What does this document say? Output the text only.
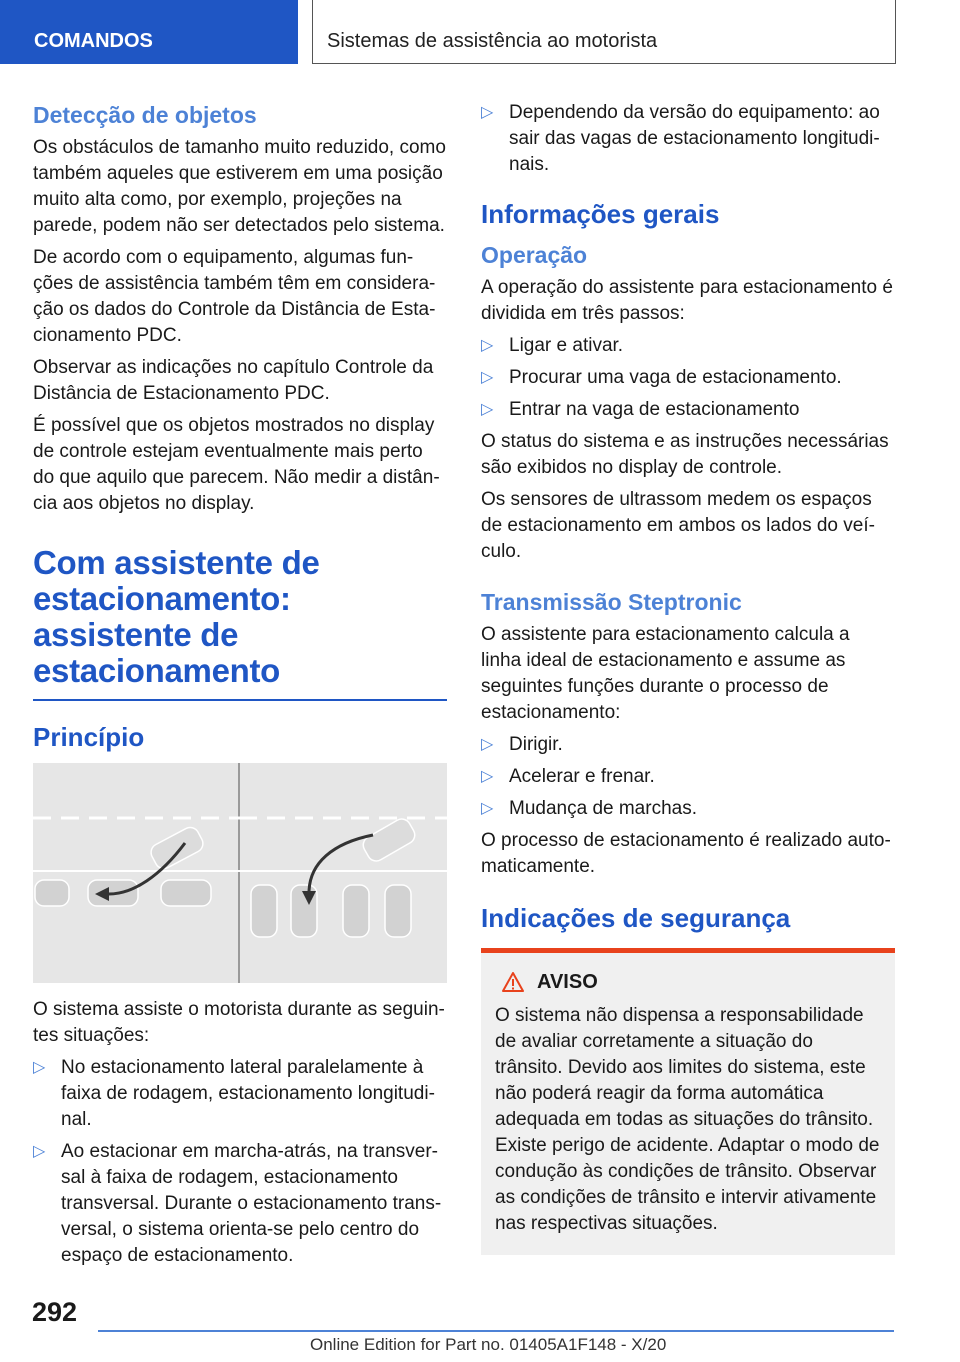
COMANDOS	Sistemas de assistência ao motorista
Detecção de objetos

Os obstáculos de tamanho muito reduzido, como também aqueles que estiverem em uma posição muito alta como, por exemplo, projeções na parede, podem não ser detectados pelo sistema.

De acordo com o equipamento, algumas funções de assistência também têm em consideração os dados do Controle da Distância de Estacionamento PDC.

Observar as indicações no capítulo Controle da Distância de Estacionamento PDC.

É possível que os objetos mostrados no display de controle estejam eventualmente mais perto do que aquilo que parecem. Não medir a distância aos objetos no display.

Com assistente de estacionamento: assistente de estacionamento
Princípio

O sistema assiste o motorista durante as seguintes situações:

▷ No estacionamento lateral paralelamente à faixa de rodagem, estacionamento longitudinal.
▷ Ao estacionar em marcha-atrás, na transversal à faixa de rodagem, estacionamento transversal. Durante o estacionamento transversal, o sistema orienta-se pelo centro do espaço de estacionamento.
▷ Dependendo da versão do equipamento: ao sair das vagas de estacionamento longitudinais.
Informações gerais
Operação

A operação do assistente para estacionamento é dividida em três passos:

▷ Ligar e ativar.
▷ Procurar uma vaga de estacionamento.
▷ Entrar na vaga de estacionamento

O status do sistema e as instruções necessárias são exibidos no display de controle.

Os sensores de ultrassom medem os espaços de estacionamento em ambos os lados do veículo.

Transmissão Steptronic

O assistente para estacionamento calcula a linha ideal de estacionamento e assume as seguintes funções durante o processo de estacionamento:

▷ Dirigir.
▷ Acelerar e frenar.
▷ Mudança de marchas.

O processo de estacionamento é realizado automaticamente.

Indicações de segurança
AVISO
O sistema não dispensa a responsabilidade de avaliar corretamente a situação do trânsito. Devido aos limites do sistema, este não poderá reagir da forma automática adequada em todas as situações do trânsito. Existe perigo de acidente. Adaptar o modo de condução às condições de trânsito. Observar as condições de trânsito e intervir ativamente nas respectivas situações.
292
Online Edition for Part no. 01405A1F148 - X/20
